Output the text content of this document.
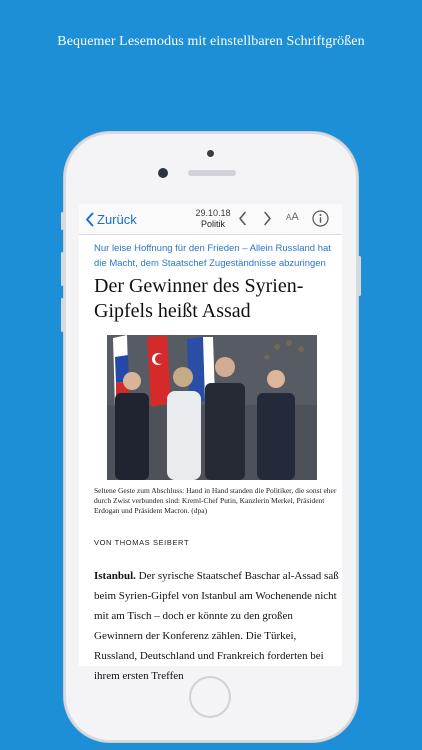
Bequemer Lesemodus mit einstellbaren Schriftgrößen
Zurück	29.10.18
Politik
AA
Nur leise Hoffnung für den Frieden – Allein Russland hat die Macht, dem Staatschef Zugeständnisse abzuringen
Der Gewinner des Syrien-Gipfels heißt Assad
Seltene Geste zum Abschluss: Hand in Hand standen die Politiker, die sonst eher durch Zwist verbunden sind: Kreml-Chef Putin, Kanzlerin Merkel, Präsident Erdogan und Präsident Macron. (dpa)
VON THOMAS SEIBERT
Istanbul. Der syrische Staatschef Baschar al-Assad saß beim Syrien-Gipfel von Istanbul am Wochenende nicht mit am Tisch – doch er könnte zu den großen Gewinnern der Konferenz zählen. Die Türkei, Russland, Deutschland und Frankreich forderten bei ihrem ersten Treffen
